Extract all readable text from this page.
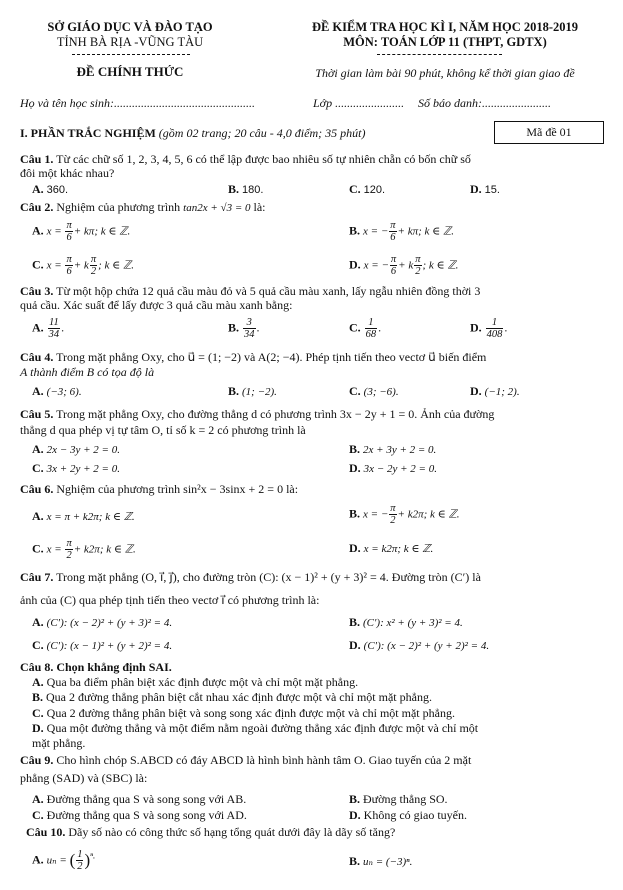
SỞ GIÁO DỤC VÀ ĐÀO TẠO
TỈNH BÀ RỊA -VŨNG TÀU
ĐỀ CHÍNH THỨC
ĐỀ KIỂM TRA HỌC KÌ I, NĂM HỌC 2018-2019
MÔN: TOÁN LỚP 11 (THPT, GDTX)
Thời gian làm bài 90 phút, không kể thời gian giao đề
Họ và tên học sinh:...............................................	Lớp ....................... Số báo danh:.......................
I. PHẦN TRẮC NGHIỆM (gồm 02 trang; 20 câu - 4,0 điểm; 35 phút)	Mã đề 01
Câu 1. Từ các chữ số 1, 2, 3, 4, 5, 6 có thể lập được bao nhiêu số tự nhiên chẵn có bốn chữ số
đôi một khác nhau?
A. 360.	B. 180.	C. 120.	D. 15.
Câu 2. Nghiệm của phương trình tan2x + √3 = 0 là:
A. $x = \frac{\pi}{6} + k\pi$; k ∈ ℤ.	B. x = − $\frac{\pi}{6} + k\pi$; k ∈ ℤ.
C. $x = \frac{\pi}{6} + k \frac{\pi}{2}$ ; k ∈ ℤ.	D. x = − $\frac{\pi}{6} + k \frac{\pi}{2}$ ; k ∈ ℤ.
Câu 3. Từ một hộp chứa 12 quả cầu màu đỏ và 5 quả cầu màu xanh, lấy ngẫu nhiên đồng thời 3
quả cầu. Xác suất để lấy được 3 quả cầu màu xanh bằng:
A. $\frac{11}{34}$ .	B. $\frac{3}{34}$ .	C. $\frac{1}{68}$ .	D. $\frac{1}{408}$ .
Câu 4. Trong mặt phẳng Oxy, cho u⃗ = (1; −2) và A(2; −4). Phép tịnh tiến theo vectơ u⃗ biến điểm
A thành điểm B có tọa độ là
A. (−3; 6).	B. (1; −2).	C. (3; −6).	D. (−1; 2).
Câu 5. Trong mặt phẳng Oxy, cho đường thẳng d có phương trình 3x − 2y + 1 = 0. Ảnh của đường
thẳng d qua phép vị tự tâm O, tỉ số k = 2 có phương trình là
A. 2x − 3y + 2 = 0.	B. 2x + 3y + 2 = 0.
C. 3x + 2y + 2 = 0.	D. 3x − 2y + 2 = 0.
Câu 6. Nghiệm của phương trình sin²x − 3sinx + 2 = 0 là:
A. x = π + k2π; k ∈ ℤ.	B. x = − $\frac{\pi}{2} + k2\pi$; k ∈ ℤ.
C. $x = \frac{\pi}{2} + k2\pi$; k ∈ ℤ.	D. x = k2π; k ∈ ℤ.
Câu 7. Trong mặt phẳng (O, i⃗, j⃗), cho đường tròn (C): (x − 1)² + (y + 3)² = 4. Đường tròn (C′) là
ảnh của (C) qua phép tịnh tiến theo vectơ i⃗ có phương trình là:
A. (C′): (x − 2)² + (y + 3)² = 4.	B. (C′): x² + (y + 3)² = 4.
C. (C′): (x − 1)² + (y + 2)² = 4.	D. (C′): (x − 2)² + (y + 2)² = 4.
Câu 8. Chọn khẳng định SAI.
A. Qua ba điểm phân biệt xác định được một và chỉ một mặt phẳng.
B. Qua 2 đường thẳng phân biệt cắt nhau xác định được một và chỉ một mặt phẳng.
C. Qua 2 đường thẳng phân biệt và song song xác định được một và chỉ một mặt phẳng.
D. Qua một đường thẳng và một điểm nằm ngoài đường thẳng xác định được một và chỉ một
mặt phẳng.
Câu 9. Cho hình chóp S.ABCD có đáy ABCD là hình bình hành tâm O. Giao tuyến của 2 mặt
phẳng (SAD) và (SBC) là:
A. Đường thẳng qua S và song song với AB.	B. Đường thẳng SO.
C. Đường thẳng qua S và song song với AD.	D. Không có giao tuyến.
Câu 10. Dãy số nào có công thức số hạng tổng quát dưới đây là dãy số tăng?
A. uₙ = ( $\frac{1}{2} )^{^n.}$	B. uₙ = (−3)ⁿ.
